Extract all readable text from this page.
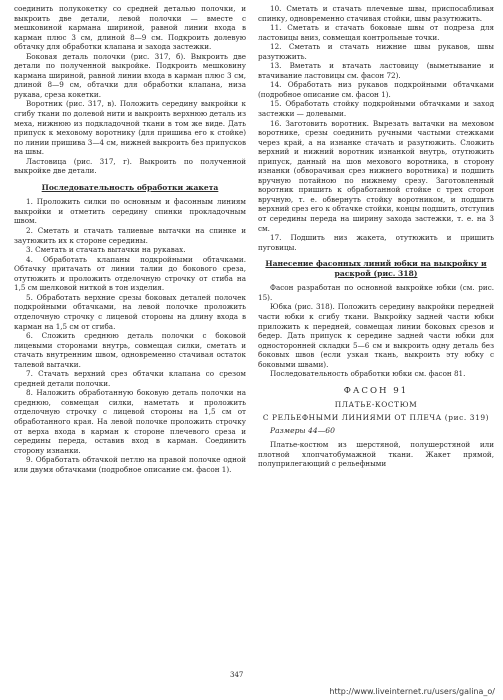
соединить полукокетку со средней деталью полочки, и выкроить две детали, левой полочки — вместе с мешковиной кармана шириной, равной линии входа в карман плюс 3 см, длиной 8—9 см. Подкроить долевую обтачку для обработки клапана и захода застежки.

Боковая деталь полочки (рис. 317, б). Выкроить две детали по полученной выкройке. Подкроить мешковину кармана шириной, равной линии входа в карман плюс 3 см, длиной 8—9 см, обтачки для обработки клапана, низа рукава, среза кокетки.

Воротник (рис. 317, в). Положить середину выкройки к сгибу ткани по долевой нити и выкроить верхнюю деталь из меха, нижнюю из подкладочной ткани в том же виде. Дать припуск к меховому воротнику (для пришива его к стойке) по линии пришива 3—4 см, нижней выкроить без припусков на швы.

Ластовица (рис. 317, г). Выкроить по полученной выкройке две детали.

Последовательность обработки жакета

1. Проложить силки по основным и фасонным линиям выкройки и отметить середину спинки прокладочным швом.

2. Сметать и стачать талиевые вытачки на спинке и заутюжить их к стороне середины.

3. Сметать и стачать вытачки на рукавах.

4. Обработать клапаны подкройными обтачками. Обтачку притачать от линии талии до бокового среза, отутюжить и проложить отделочную строчку от стиба на 1,5 см шелковой ниткой в тон изделия.

5. Обработать верхние срезы боковых деталей полочек подкройными обтачками, на левой полочке проложить отделочную строчку с лицевой стороны на длину входа в карман на 1,5 см от сгиба.

6. Сложить среднюю деталь полочки с боковой лицевыми сторонами внутрь, совмещая силки, сметать и стачать внутренним швом, одновременно стачивая остаток талевой вытачки.

7. Стачать верхний срез обтачки клапана со срезом средней детали полочки.

8. Наложить обработанную боковую деталь полочки на среднюю, совмещая силки, наметать и проложить отделочную строчку с лицевой стороны на 1,5 см от обработанного края. На левой полочке проложить строчку от верха входа в карман к стороне плечевого среза и середины переда, оставив вход в карман. Соединить сторону изнанки.

9. Обработать обтачкой петлю на правой полочке одной или двумя обтачками (подробное описание см. фасон 1).

10. Сметать и стачать плечевые швы, приспосабливая спинку, одновременно стачивая стойки, швы разутюжить.

11. Сметать и стачать боковые швы от подреза для ластовицы вниз, совмещая контрольные точки.

12. Сметать и стачать нижние швы рукавов, швы разутюжить.

13. Вметать и втачать ластовицу (выметывание и втачивание ластовицы см. фасон 72).

14. Обработать низ рукавов подкройными обтачками (подробное описание см. фасон 1).

15. Обработать стойку подкройными обтачками и заход застежки — долевыми.

16. Заготовить воротник. Вырезать вытачки на меховом воротнике, срезы соединить ручными частыми стежками через край, а на изнанке стачать и разутюжить. Сложить верхний и нижний воротник изнанкой внутрь, отутюжить припуск, данный на шов мехового воротника, в сторону изнанки (обворачивая срез нижнего воротника) и подшить вручную потайною по нижнему срезу. Заготовленный воротник пришить к обработанной стойке с трех сторон вручную, т. е. обвернуть стойку воротником, и подшить верхний срез его к обтачке стойки, концы подшить, отступив от середины переда на ширину захода застежки, т. е. на 3 см.

17. Подшить низ жакета, отутюжить и пришить пуговицы.

Нанесение фасонных линий юбки на выкройку и раскрой (рис. 318)

Фасон разработан по основной выкройке юбки (см. рис. 15).

Юбка (рис. 318). Положить середину выкройки передней части юбки к сгибу ткани. Выкройку задней части юбки приложить к передней, совмещая линии боковых срезов и бедер. Дать припуск к середине задней части юбки для односторонней складки 5—6 см и выкроить одну деталь без боковых швов (если узкая ткань, выкроить эту юбку с боковыми швами).

Последовательность обработки юбки см. фасон 81.

ФАСОН 91
ПЛАТЬЕ-КОСТЮМ
С РЕЛЬЕФНЫМИ ЛИНИЯМИ ОТ ПЛЕЧА (рис. 319)
Размеры 44—60

Платье-костюм из шерстяной, полушерстяной или плотной хлопчатобумажной ткани. Жакет прямой, полуприлегающий с рельефными

347
http://www.liveinternet.ru/users/galina_o/
